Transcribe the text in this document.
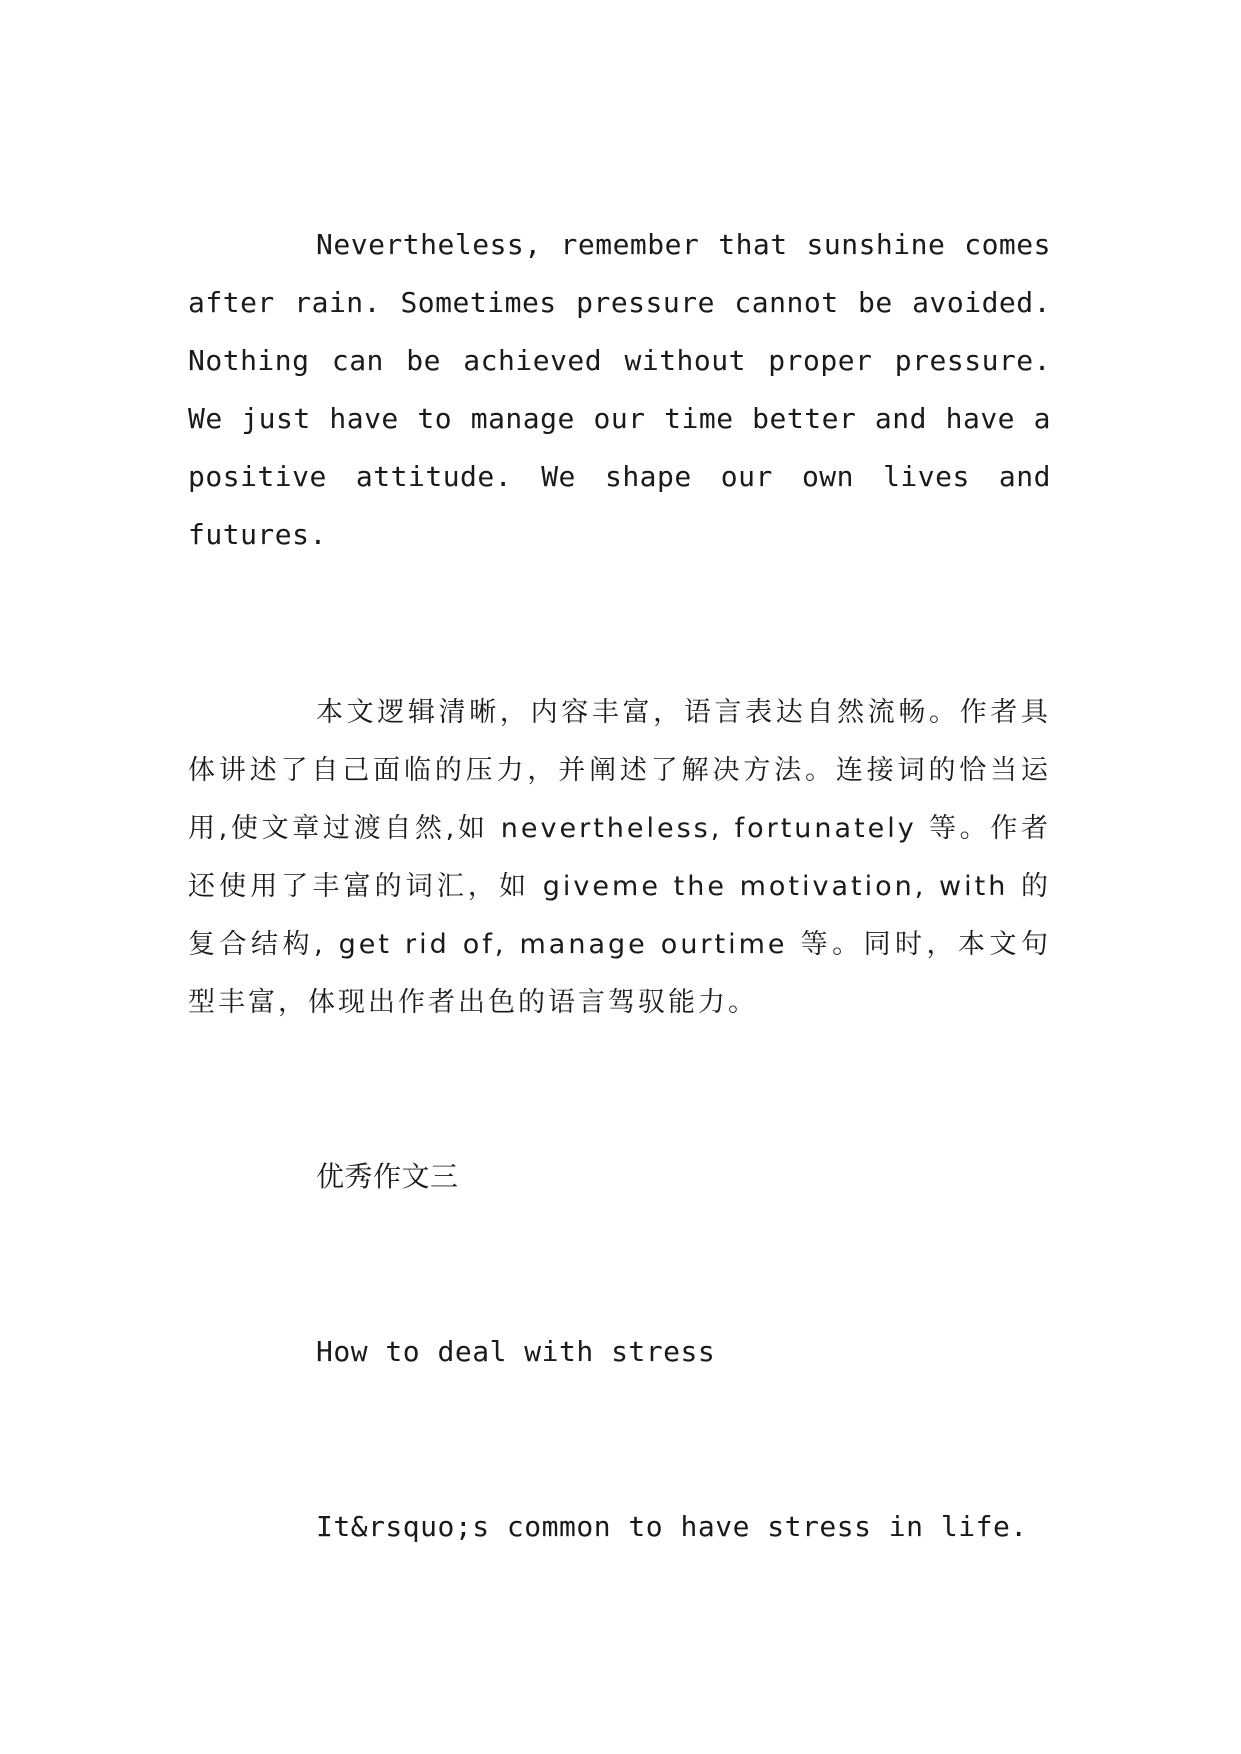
Nevertheless, remember that sunshine comes after rain. Sometimes pressure cannot be avoided. Nothing can be achieved without proper pressure. We just have to manage our time better and have a positive attitude. We shape our own lives and futures.

本文逻辑清晰，内容丰富，语言表达自然流畅。作者具体讲述了自己面临的压力，并阐述了解决方法。连接词的恰当运用,使文章过渡自然,如 nevertheless, fortunately 等。作者还使用了丰富的词汇，如 giveme the motivation, with 的复合结构, get rid of, manage ourtime 等。同时，本文句型丰富，体现出作者出色的语言驾驭能力。

优秀作文三

How to deal with stress

It&rsquo;s common to have stress in life.
